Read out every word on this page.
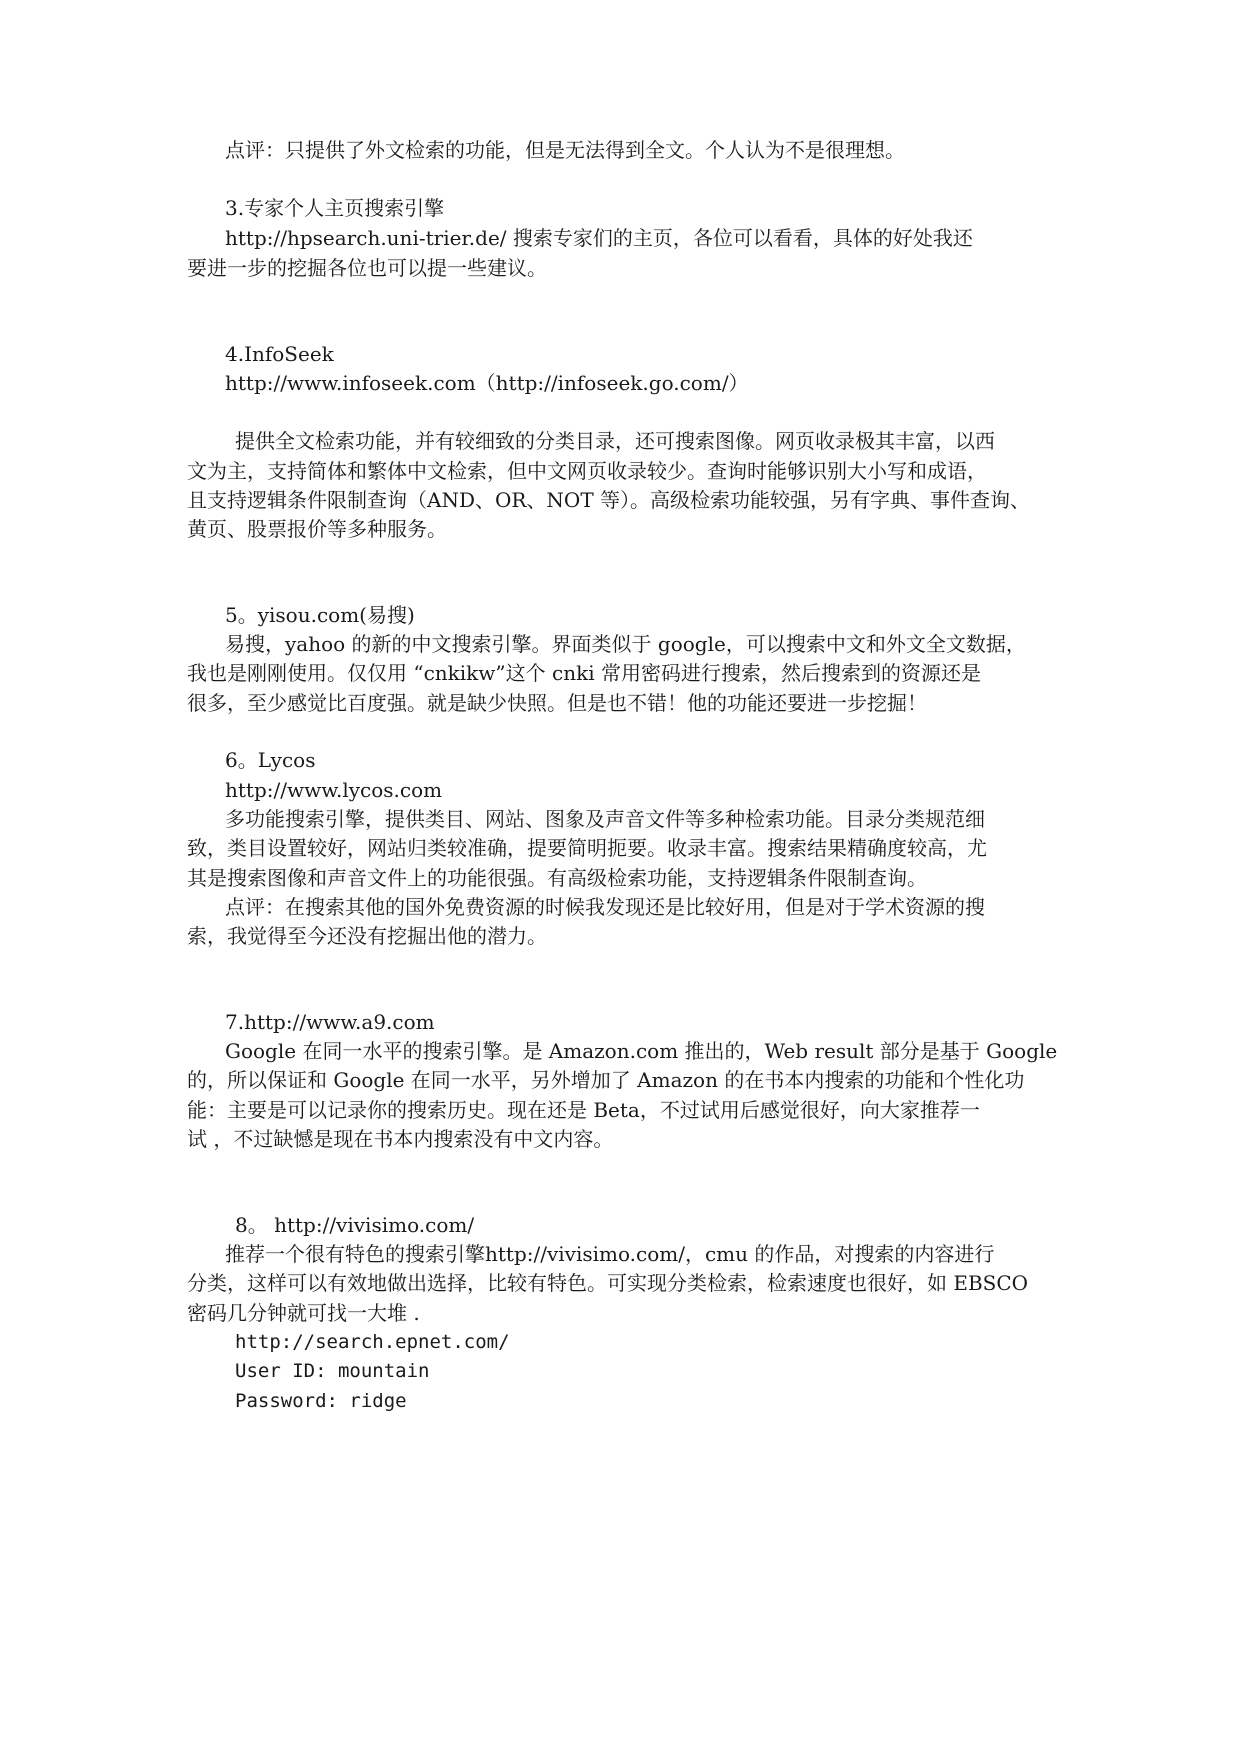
点评：只提供了外文检索的功能，但是无法得到全文。个人认为不是很理想。
3.专家个人主页搜索引擎
http://hpsearch.uni-trier.de/ 搜索专家们的主页，各位可以看看，具体的好处我还
要进一步的挖掘各位也可以提一些建议。
4.InfoSeek
http://www.infoseek.com（http://infoseek.go.com/）
提供全文检索功能，并有较细致的分类目录，还可搜索图像。网页收录极其丰富，以西
文为主，支持简体和繁体中文检索，但中文网页收录较少。查询时能够识别大小写和成语，
且支持逻辑条件限制查询（AND、OR、NOT 等）。高级检索功能较强，另有字典、事件查询、
黄页、股票报价等多种服务。
5。yisou.com(易搜)
易搜，yahoo 的新的中文搜索引擎。界面类似于 google，可以搜索中文和外文全文数据，
我也是刚刚使用。仅仅用 “cnkikw”这个 cnki 常用密码进行搜索，然后搜索到的资源还是
很多，至少感觉比百度强。就是缺少快照。但是也不错！他的功能还要进一步挖掘！
6。Lycos
http://www.lycos.com
多功能搜索引擎，提供类目、网站、图象及声音文件等多种检索功能。目录分类规范细
致，类目设置较好，网站归类较准确，提要简明扼要。收录丰富。搜索结果精确度较高，尤
其是搜索图像和声音文件上的功能很强。有高级检索功能，支持逻辑条件限制查询。
点评：在搜索其他的国外免费资源的时候我发现还是比较好用，但是对于学术资源的搜
索，我觉得至今还没有挖掘出他的潜力。
7.http://www.a9.com
Google 在同一水平的搜索引擎。是 Amazon.com 推出的，Web result 部分是基于 Google
的，所以保证和 Google 在同一水平，另外增加了 Amazon 的在书本内搜索的功能和个性化功
能：主要是可以记录你的搜索历史。现在还是 Beta，不过试用后感觉很好，向大家推荐一
试 ，不过缺憾是现在书本内搜索没有中文内容。
8。 http://vivisimo.com/
推荐一个很有特色的搜索引擎http://vivisimo.com/，cmu 的作品，对搜索的内容进行
分类，这样可以有效地做出选择，比较有特色。可实现分类检索，检索速度也很好，如 EBSCO
密码几分钟就可找一大堆 .
http://search.epnet.com/
User ID: mountain
Password: ridge
